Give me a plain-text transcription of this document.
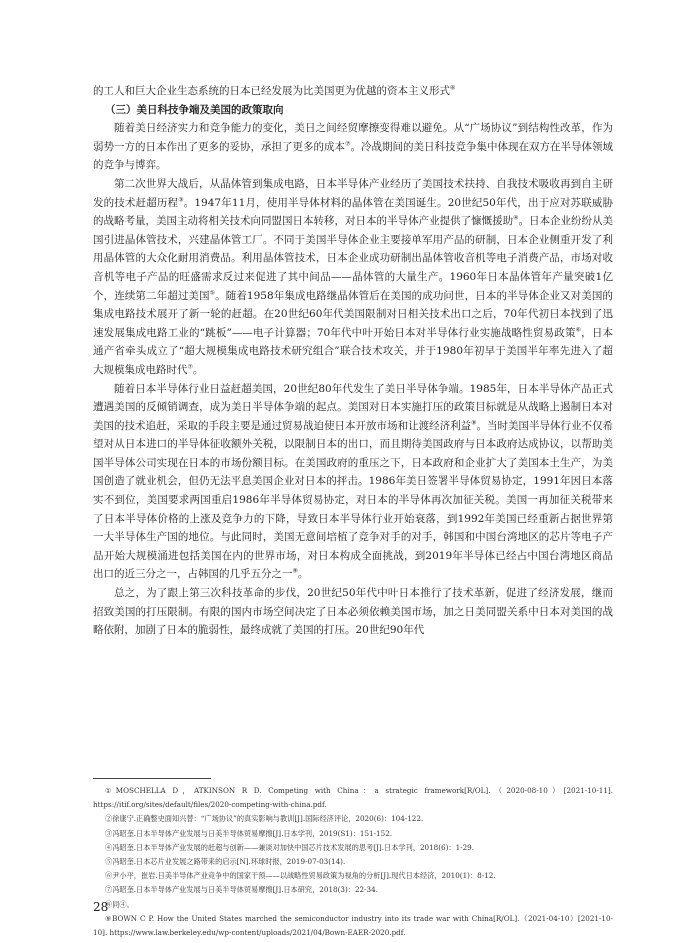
的工人和巨大企业生态系统的日本已经发展为比美国更为优越的资本主义形式⑥

（三）美日科技争端及美国的政策取向

随着美日经济实力和竞争能力的变化，美日之间经贸摩擦变得难以避免。从“广场协议”到结构性改革，作为弱势一方的日本作出了更多的妥协，承担了更多的成本⑦。冷战期间的美日科技竞争集中体现在双方在半导体领域的竞争与博弈。

第二次世界大战后，从晶体管到集成电路，日本半导体产业经历了美国技术扶持、自我技术吸收再到自主研发的技术赶超历程③。1947年11月，使用半导体材料的晶体管在美国诞生。20世纪50年代，出于应对苏联威胁的战略考量，美国主动将相关技术向同盟国日本转移，对日本的半导体产业提供了慷慨援助④。日本企业纷纷从美国引进晶体管技术，兴建晶体管工厂。不同于美国半导体企业主要接单军用产品的研制，日本企业侧重开发了利用晶体管的大众化耐用消费品。利用晶体管技术，日本企业成功研制出晶体管收音机等电子消费产品，市场对收音机等电子产品的旺盛需求反过来促进了其中间品——晶体管的大量生产。1960年日本晶体管年产量突破1亿个，连续第二年超过美国⑤。随着1958年集成电路继晶体管后在美国的成功问世，日本的半导体企业又对美国的集成电路技术展开了新一轮的赶超。在20世纪60年代美国限制对日相关技术出口之后，70年代初日本找到了迅速发展集成电路工业的“跳板”——电子计算器；70年代中叶开始日本对半导体行业实施战略性贸易政策⑥，日本通产省牵头成立了“超大规模集成电路技术研究组合”联合技术攻关，并于1980年初早于美国半年率先进入了超大规模集成电路时代⑦。

随着日本半导体行业日益赶超美国，20世纪80年代发生了美日半导体争端。1985年，日本半导体产品正式遭遇美国的反倾销调查，成为美日半导体争端的起点。美国对日本实施打压的政策目标就是从战略上遏制日本对美国的技术追赶，采取的手段主要是通过贸易战迫使日本开放市场和让渡经济利益⑧。当时美国半导体行业不仅希望对从日本进口的半导体征收额外关税，以限制日本的出口，而且期待美国政府与日本政府达成协议，以帮助美国半导体公司实现在日本的市场份额目标。在美国政府的重压之下，日本政府和企业扩大了美国本土生产，为美国创造了就业机会，但仍无法平息美国企业对日本的抨击。1986年美日签署半导体贸易协定，1991年因日本落实不到位，美国要求两国重启1986年半导体贸易协定，对日本的半导体再次加征关税。美国一再加征关税带来了日本半导体价格的上涨及竞争力的下降，导致日本半导体行业开始衰落，到1992年美国已经重新占据世界第一大半导体生产国的地位。与此同时，美国无意间培植了竞争对手的对手，韩国和中国台湾地区的芯片等电子产品开始大规模涌进包括美国在内的世界市场，对日本构成全面挑战，到2019年半导体已经占中国台湾地区商品出口的近三分之一，占韩国的几乎五分之一⑨。

总之，为了跟上第三次科技革命的步伐，20世纪50年代中叶日本推行了技术革新，促进了经济发展，继而招致美国的打压限制。有限的国内市场空间决定了日本必须依赖美国市场，加之日美同盟关系中日本对美国的战略依附，加剧了日本的脆弱性，最终成就了美国的打压。20世纪90年代

①MOSCHELLA D，ATKINSON R D. Competing with China：a strategic framework[R/OL].（2020-08-10）[2021-10-11]. https://itif.org/sites/default/files/2020-competing-with-china.pdf.

②徐康宁.正确整史面知兴替：“广场协议”的真实影响与教训[J].国际经济评论，2020(6)：104-122.

③冯昭奎.日本半导体产业发展与日美半导体贸易摩擦[J].日本学刊，2019(S1)：151-152.

④冯昭奎.日本半导体产业发展的赶超与创新——兼谈对加快中国芯片技术发展的思考[J].日本学刊，2018(6)：1-29.

⑤冯昭奎.日本芯片业发展之路带来的启示[N].环球时报，2019-07-03(14).

⑥尹小平，崔岩.日美半导体产业竞争中的国家干预——以战略性贸易政策为视角的分析[J].现代日本经济，2010(1)：8-12.

⑦冯昭奎.日本半导体产业发展与日美半导体贸易摩擦[J].日本研究，2018(3)：22-34.

⑧同④。

⑨BOWN C P. How the United States marched the semiconductor industry into its trade war with China[R/OL].（2021-04-10）[2021-10-10]. https://www.law.berkeley.edu/wp-content/uploads/2021/04/Bown-EAER-2020.pdf.

28
